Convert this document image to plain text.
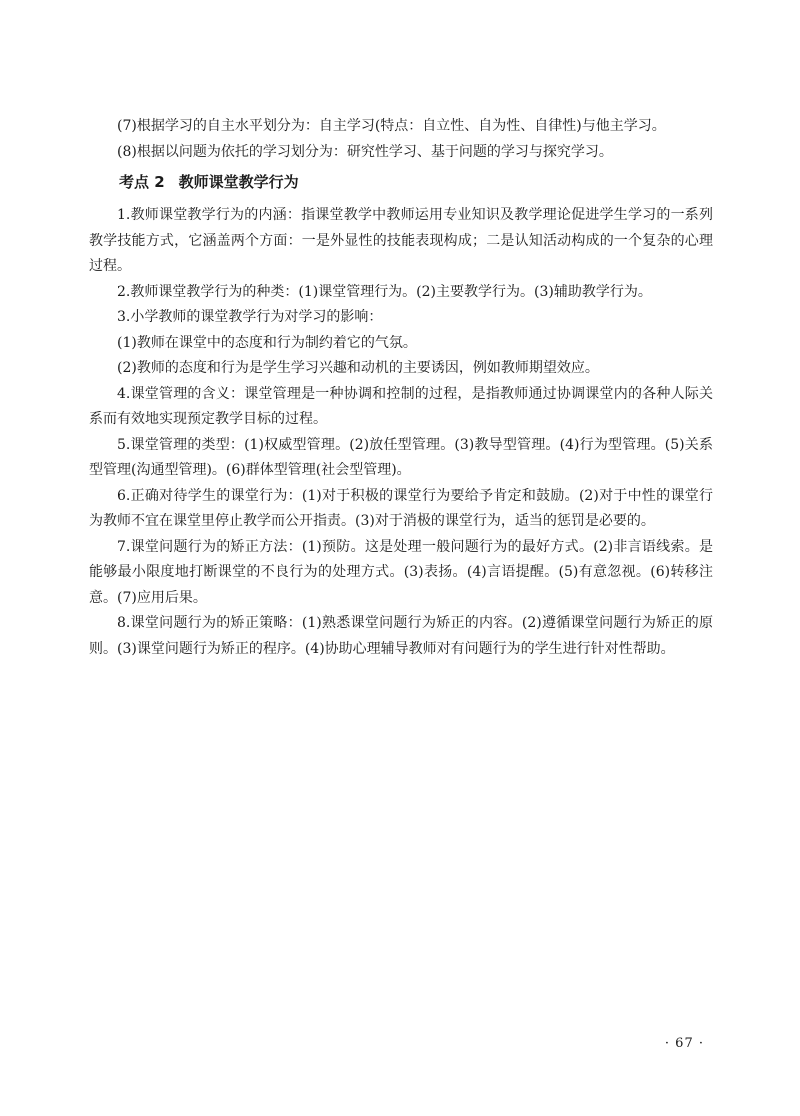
(7)根据学习的自主水平划分为：自主学习(特点：自立性、自为性、自律性)与他主学习。

(8)根据以问题为依托的学习划分为：研究性学习、基于问题的学习与探究学习。

考点 2 教师课堂教学行为

1.教师课堂教学行为的内涵：指课堂教学中教师运用专业知识及教学理论促进学生学习的一系列教学技能方式，它涵盖两个方面：一是外显性的技能表现构成；二是认知活动构成的一个复杂的心理过程。

2.教师课堂教学行为的种类：(1)课堂管理行为。(2)主要教学行为。(3)辅助教学行为。

3.小学教师的课堂教学行为对学习的影响：

(1)教师在课堂中的态度和行为制约着它的气氛。

(2)教师的态度和行为是学生学习兴趣和动机的主要诱因，例如教师期望效应。

4.课堂管理的含义：课堂管理是一种协调和控制的过程，是指教师通过协调课堂内的各种人际关系而有效地实现预定教学目标的过程。

5.课堂管理的类型：(1)权威型管理。(2)放任型管理。(3)教导型管理。(4)行为型管理。(5)关系型管理(沟通型管理)。(6)群体型管理(社会型管理)。

6.正确对待学生的课堂行为：(1)对于积极的课堂行为要给予肯定和鼓励。(2)对于中性的课堂行为教师不宜在课堂里停止教学而公开指责。(3)对于消极的课堂行为，适当的惩罚是必要的。

7.课堂问题行为的矫正方法：(1)预防。这是处理一般问题行为的最好方式。(2)非言语线索。是能够最小限度地打断课堂的不良行为的处理方式。(3)表扬。(4)言语提醒。(5)有意忽视。(6)转移注意。(7)应用后果。

8.课堂问题行为的矫正策略：(1)熟悉课堂问题行为矫正的内容。(2)遵循课堂问题行为矫正的原则。(3)课堂问题行为矫正的程序。(4)协助心理辅导教师对有问题行为的学生进行针对性帮助。

· 67 ·
